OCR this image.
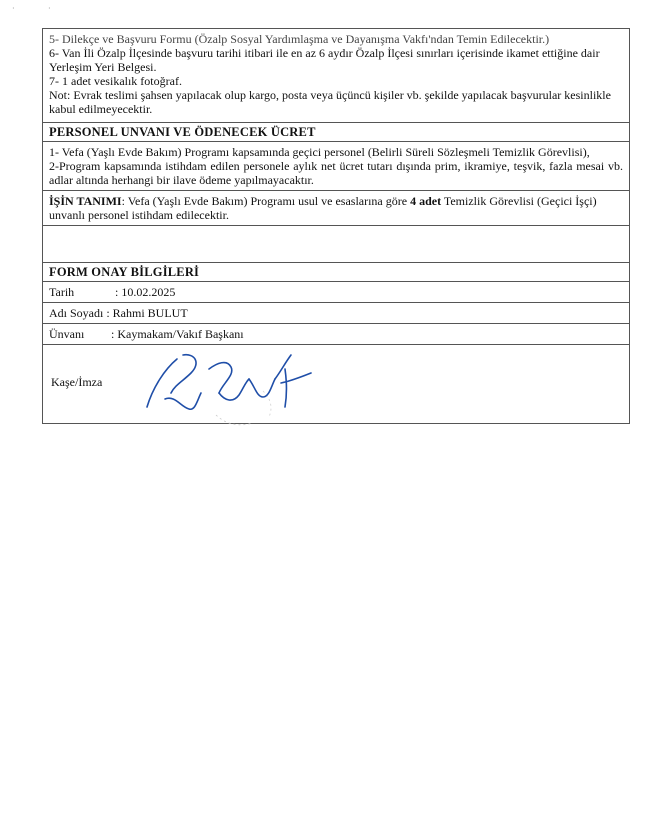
·	·

5- Dilekçe ve Başvuru Formu (Özalp Sosyal Yardımlaşma ve Dayanışma Vakfı'ndan Temin Edilecektir.)

6- Van İli Özalp İlçesinde başvuru tarihi itibari ile en az 6 aydır Özalp İlçesi sınırları içerisinde ikamet ettiğine dair Yerleşim Yeri Belgesi.

7- 1 adet vesikalık fotoğraf.

Not: Evrak teslimi şahsen yapılacak olup kargo, posta veya üçüncü kişiler vb. şekilde yapılacak başvurular kesinlikle kabul edilmeyecektir.

PERSONEL UNVANI VE ÖDENECEK ÜCRET

1- Vefa (Yaşlı Evde Bakım) Programı kapsamında geçici personel (Belirli Süreli Sözleşmeli Temizlik Görevlisi),

2-Program kapsamında istihdam edilen personele aylık net ücret tutarı dışında prim, ikramiye, teşvik, fazla mesai vb. adlar altında herhangi bir ilave ödeme yapılmayacaktır.

İŞİN TANIMI: Vefa (Yaşlı Evde Bakım) Programı usul ve esaslarına göre 4 adet Temizlik Görevlisi (Geçici İşçi) unvanlı personel istihdam edilecektir.

FORM ONAY BİLGİLERİ
Tarih	: 10.02.2025
Adı Soyadı : Rahmi BULUT
Ünvanı	: Kaymakam/Vakıf Başkanı
Kaşe/İmza
